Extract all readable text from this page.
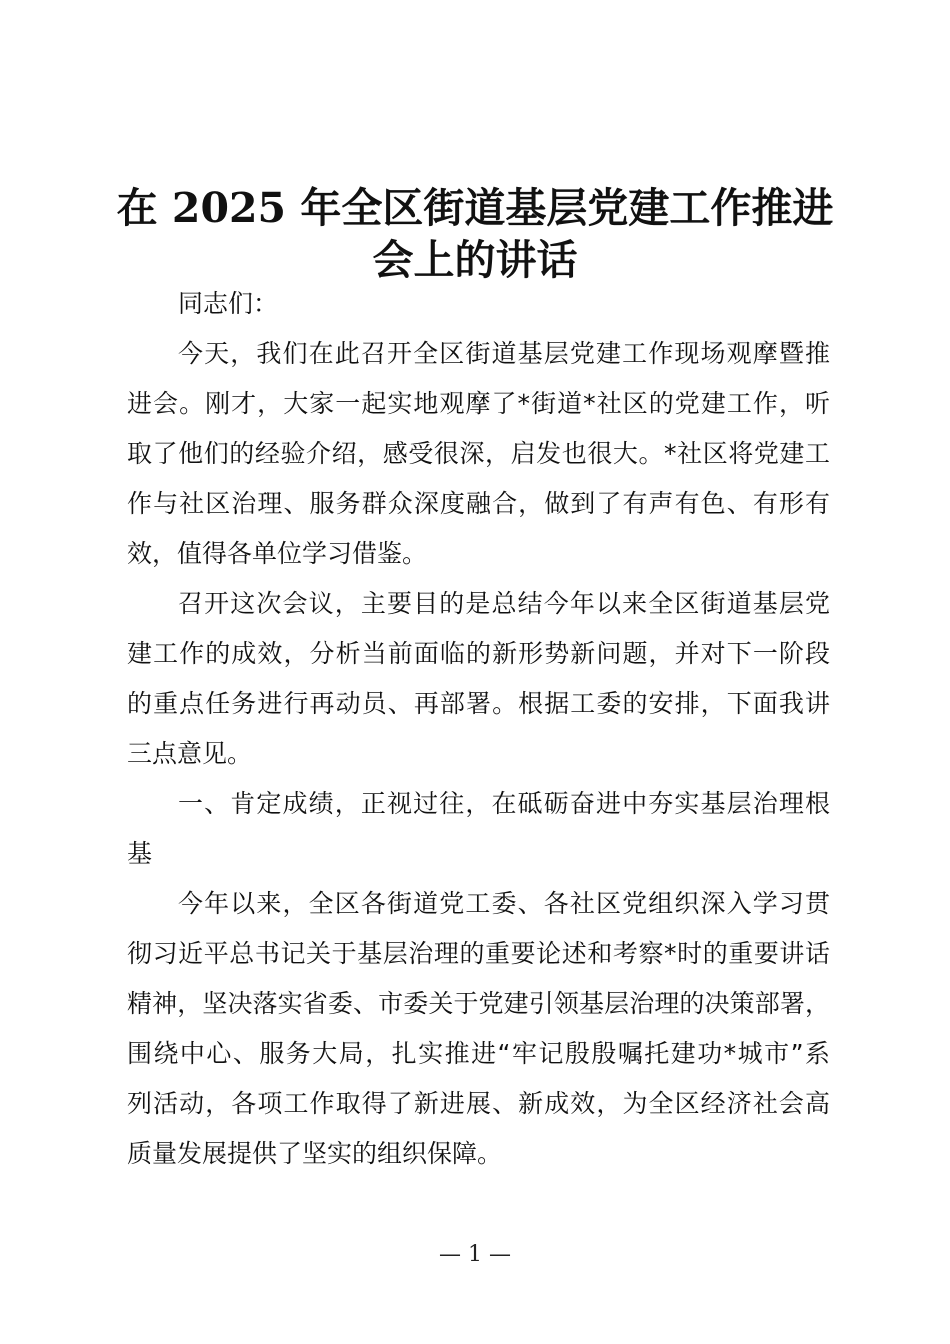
在 2025 年全区街道基层党建工作推进
会上的讲话

同志们：

今天，我们在此召开全区街道基层党建工作现场观摩暨推

进会。刚才，大家一起实地观摩了*街道*社区的党建工作，听

取了他们的经验介绍，感受很深，启发也很大。*社区将党建工

作与社区治理、服务群众深度融合，做到了有声有色、有形有

效，值得各单位学习借鉴。

召开这次会议，主要目的是总结今年以来全区街道基层党

建工作的成效，分析当前面临的新形势新问题，并对下一阶段

的重点任务进行再动员、再部署。根据工委的安排，下面我讲

三点意见。

一、肯定成绩，正视过往，在砥砺奋进中夯实基层治理根

基

今年以来，全区各街道党工委、各社区党组织深入学习贯

彻习近平总书记关于基层治理的重要论述和考察*时的重要讲话

精神，坚决落实省委、市委关于党建引领基层治理的决策部署，

围绕中心、服务大局，扎实推进“牢记殷殷嘱托建功*城市”系

列活动，各项工作取得了新进展、新成效，为全区经济社会高

质量发展提供了坚实的组织保障。

— 1 —
